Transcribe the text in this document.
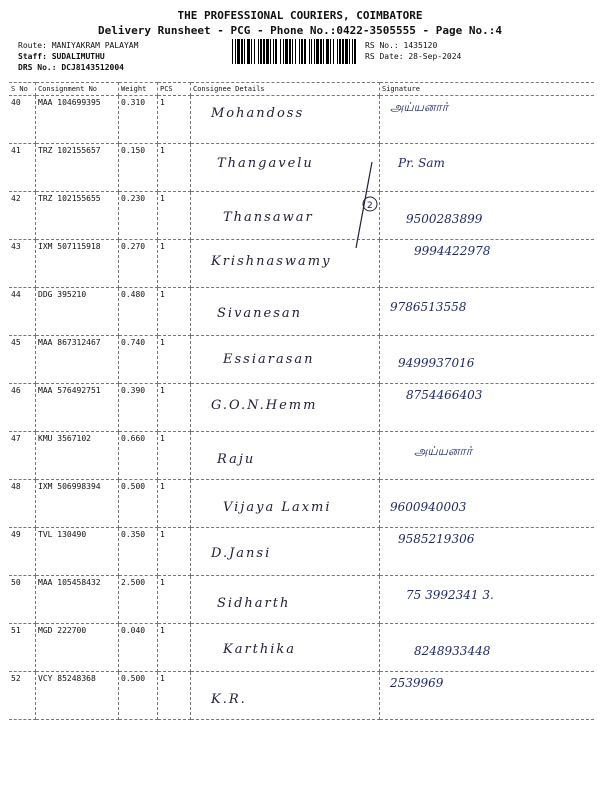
THE PROFESSIONAL COURIERS, COIMBATORE
Delivery Runsheet - PCG - Phone No.:0422-3505555 - Page No.:4
Route: MANIYAKRAM PALAYAM
Staff: SUDALIMUTHU
DRS No.: DCJ8143512004
RS No.: 1435120
RS Date: 28-Sep-2024
S No	Consignment No	Weight	PCS	Consignee Details	Signature
40	MAA 104699395	0.310	1	Mohandoss	அய்யனார்

41	TRZ 102155657	0.150	1	Thangavelu	Pr. Sam

42	TRZ 102155655	0.230	1	Thansawar	9500283899

43	IXM 507115918	0.270	1	Krishnaswamy	9994422978

44	DDG 395210	0.480	1	Sivanesan	9786513558

45	MAA 867312467	0.740	1	Essiarasan	9499937016

46	MAA 576492751	0.390	1	G.O.N.Hemm	8754466403

47	KMU 3567102	0.660	1	Raju	அய்யனார்

48	IXM 506998394	0.500	1	Vijaya Laxmi	9600940003

49	TVL 130490	0.350	1	D.Jansi	9585219306

50	MAA 105458432	2.500	1	Sidharth	75 3992341 3.

51	MGD 222700	0.040	1	Karthika	8248933448

52	VCY 85248368	0.500	1	K.R.	2539969
2
